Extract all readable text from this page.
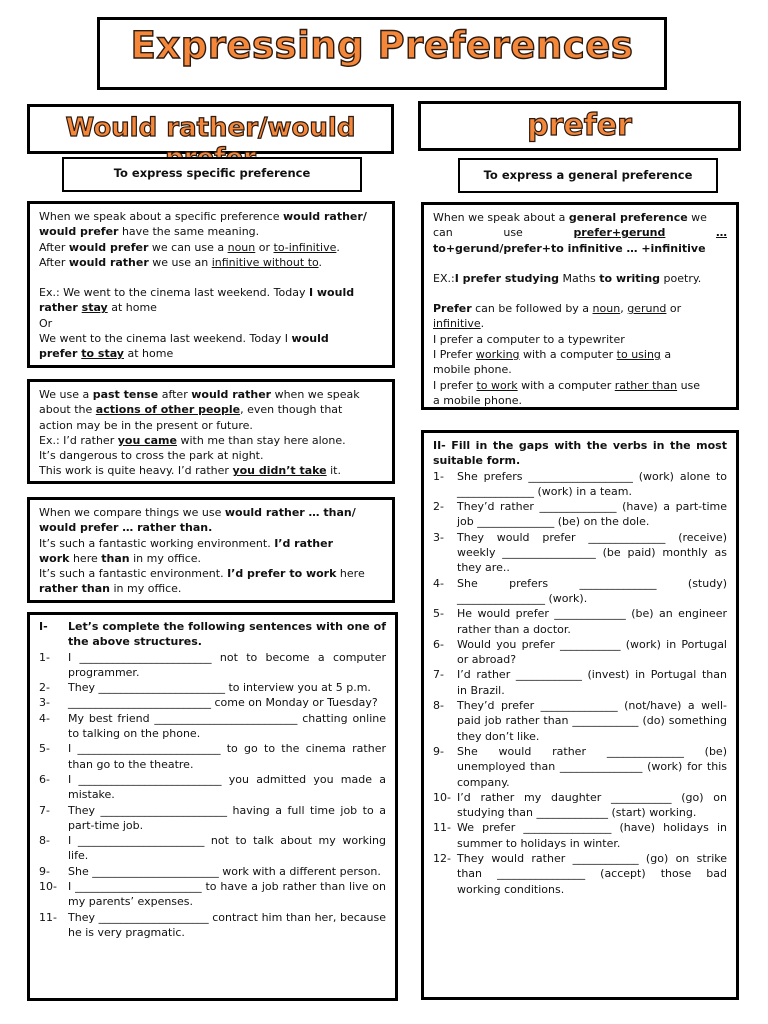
Expressing Preferences
Would rather/would	prefer
To express specific preference	To express a general preference

When we speak about a specific preference would rather/

would prefer have the same meaning.

After would prefer we can use a noun or to-infinitive.

After would rather we use an infinitive without to.

Ex.: We went to the cinema last weekend. Today I would

rather stay at home

Or

We went to the cinema last weekend. Today I would

prefer to stay at home

We use a past tense after would rather when we speak

about the actions of other people, even though that

action may be in the present or future.

Ex.: I’d rather you came with me than stay here alone.

It’s dangerous to cross the park at night.

This work is quite heavy. I’d rather you didn’t take it.

When we compare things we use would rather … than/

would prefer … rather than.

It’s such a fantastic working environment. I’d rather

work here than in my office.

It’s such a fantastic environment. I’d prefer to work here

rather than in my office.

I-	Let’s complete the following sentences with one of the above structures.
1-	I ________________________ not to become a computer programmer.
2-	They _______________________ to interview you at 5 p.m.
3-	__________________________ come on Monday or Tuesday?
4-	My best friend __________________________ chatting online to talking on the phone.
5-	I __________________________ to go to the cinema rather than go to the theatre.
6-	I __________________________ you admitted you made a mistake.
7-	They _______________________ having a full time job to a part-time job.
8-	I _______________________ not to talk about my working life.
9-	She _______________________ work with a different person.
10-	I _______________________ to have a job rather than live on my parents’ expenses.
11-	They ____________________ contract him than her, because he is very pragmatic.

When we speak about a general preference we

can	use	prefer+gerund	…

to+gerund/prefer+to infinitive … +infinitive

EX.:I prefer studying Maths to writing poetry.

Prefer can be followed by a noun, gerund or

infinitive.

I prefer a computer to a typewriter

I Prefer working with a computer to using a

mobile phone.

I prefer to work with a computer rather than use

a mobile phone.

II- Fill in the gaps with the verbs in the most suitable form.

1-	She prefers ___________________ (work) alone to ______________ (work) in a team.
2-	They’d rather ______________ (have) a part-time job ______________ (be) on the dole.
3-	They would prefer ______________ (receive) weekly _________________ (be paid) monthly as they are..
4-	She prefers ______________ (study) ________________ (work).
5-	He would prefer _____________ (be) an engineer rather than a doctor.
6-	Would you prefer ___________ (work) in Portugal or abroad?
7-	I’d rather ____________ (invest) in Portugal than in Brazil.
8-	They’d prefer ______________ (not/have) a well-paid job rather than ____________ (do) something they don’t like.
9-	She would rather ______________ (be) unemployed than _______________ (work) for this company.
10- I’d rather my daughter ___________ (go) on studying than _____________ (start) working.
11- We prefer ________________ (have) holidays in summer to holidays in winter.
12- They would rather ____________ (go) on strike than ________________ (accept) those bad working conditions.
